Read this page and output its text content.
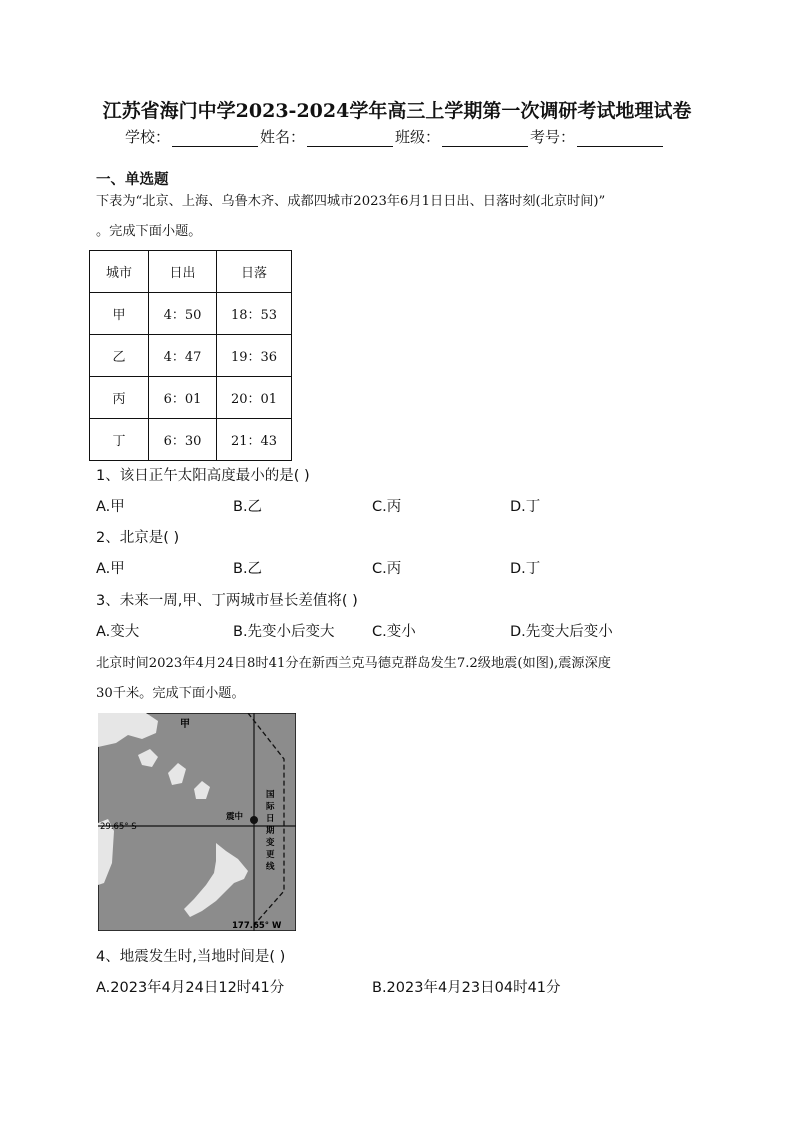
江苏省海门中学2023-2024学年高三上学期第一次调研考试地理试卷
学校：	姓名：	班级：	考号：
一、单选题
下表为“北京、上海、乌鲁木齐、成都四城市2023年6月1日日出、日落时刻(北京时间)”
。完成下面小题。
城市	日出	日落
甲	4：50	18：53
乙	4：47	19：36
丙	6：01	20：01
丁	6：30	21：43
1、该日正午太阳高度最小的是( )
A.甲	B.乙	C.丙	D.丁
2、北京是( )
A.甲	B.乙	C.丙	D.丁
3、未来一周,甲、丁两城市昼长差值将( )
A.变大	B.先变小后变大	C.变小	D.先变大后变小
北京时间2023年4月24日8时41分在新西兰克马德克群岛发生7.2级地震(如图),震源深度
30千米。完成下面小题。
甲
29.65° S
震中
国
际
日
期
变
更
线
177.65° W
4、地震发生时,当地时间是( )
A.2023年4月24日12时41分	B.2023年4月23日04时41分
